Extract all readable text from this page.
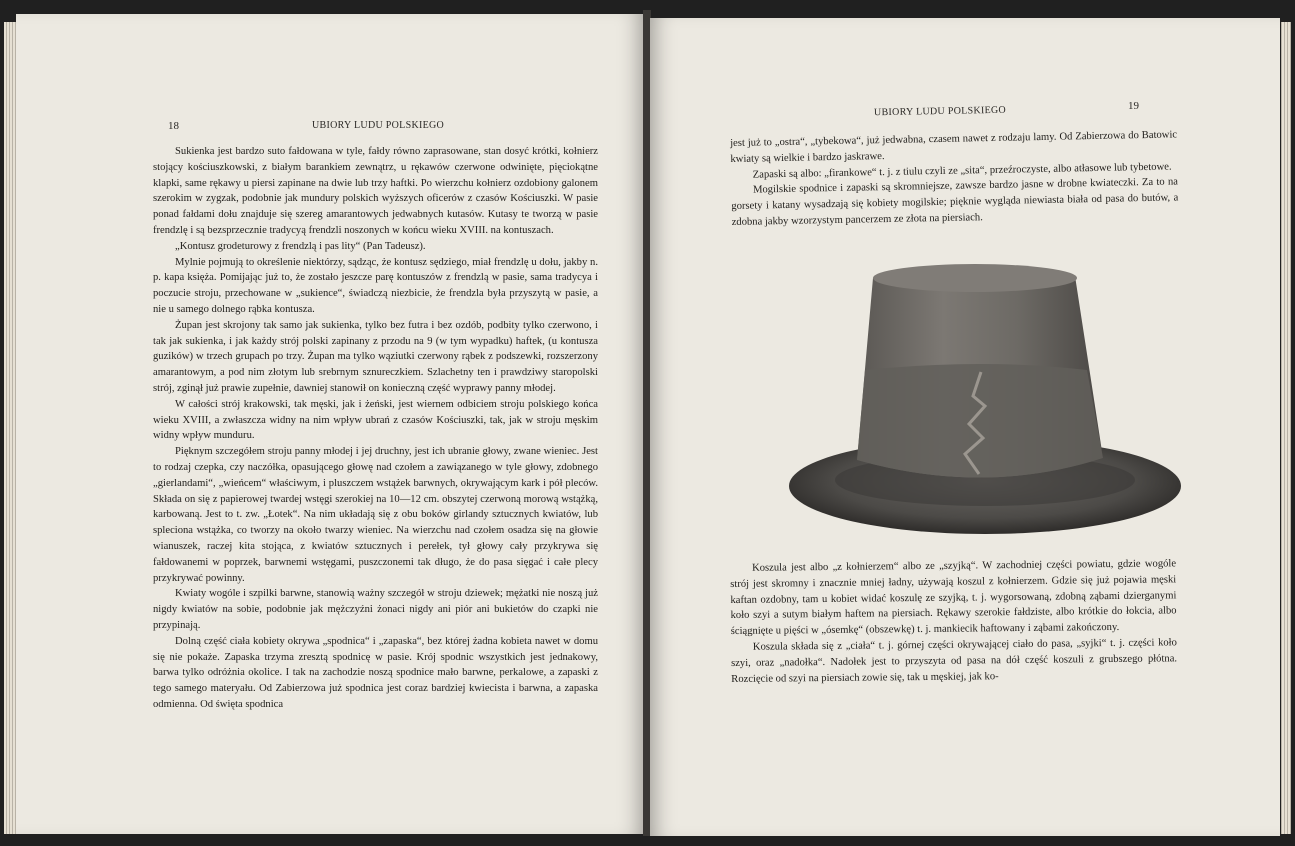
18	UBIORY LUDU POLSKIEGO

Sukienka jest bardzo suto fałdowana w tyle, fałdy równo zaprasowane, stan dosyć krótki, kołnierz stojący kościuszkowski, z białym barankiem zewnątrz, u rękawów czerwone odwinięte, pięciokątne klapki, same rękawy u piersi zapinane na dwie lub trzy haftki. Po wierzchu kołnierz ozdobiony galonem szerokim w zygzak, podobnie jak mundury polskich wyższych oficerów z czasów Kościuszki. W pasie ponad fałdami dołu znajduje się szereg amarantowych jedwabnych kutasów. Kutasy te tworzą w pasie frendzlę i są bezsprzecznie tradycyą frendzli noszonych w końcu wieku XVIII. na kontuszach.

„Kontusz grodeturowy z frendzlą i pas lity“ (Pan Tadeusz).

Mylnie pojmują to określenie niektórzy, sądząc, że kontusz sędziego, miał frendzlę u dołu, jakby n. p. kapa księża. Pomijając już to, że zostało jeszcze parę kontuszów z frendzlą w pasie, sama tradycya i poczucie stroju, przechowane w „sukience“, świadczą niezbicie, że frendzla była przyszytą w pasie, a nie u samego dolnego rąbka kontusza.

Żupan jest skrojony tak samo jak sukienka, tylko bez futra i bez ozdób, podbity tylko czerwono, i tak jak sukienka, i jak każdy strój polski zapinany z przodu na 9 (w tym wypadku) haftek, (u kontusza guzików) w trzech grupach po trzy. Żupan ma tylko wąziutki czerwony rąbek z podszewki, rozszerzony amarantowym, a pod nim złotym lub srebrnym sznureczkiem. Szlachetny ten i prawdziwy staropolski strój, zginął już prawie zupełnie, dawniej stanowił on konieczną część wyprawy panny młodej.

W całości strój krakowski, tak męski, jak i żeński, jest wiernem odbiciem stroju polskiego końca wieku XVIII, a zwłaszcza widny na nim wpływ ubrań z czasów Kościuszki, tak, jak w stroju męskim widny wpływ munduru.

Pięknym szczegółem stroju panny młodej i jej druchny, jest ich ubranie głowy, zwane wieniec. Jest to rodzaj czepka, czy naczółka, opasującego głowę nad czołem a zawiązanego w tyle głowy, zdobnego „gierlandami“, „wieńcem“ właściwym, i pluszczem wstążek barwnych, okrywającym kark i pół pleców. Składa on się z papierowej twardej wstęgi szerokiej na 10—12 cm. obszytej czerwoną morową wstążką, karbowaną. Jest to t. zw. „Łotek“. Na nim układają się z obu boków girlandy sztucznych kwiatów, lub spleciona wstążka, co tworzy na około twarzy wieniec. Na wierzchu nad czołem osadza się na głowie wianuszek, raczej kita stojąca, z kwiatów sztucznych i perełek, tył głowy cały przykrywa się fałdowanemi w poprzek, barwnemi wstęgami, puszczonemi tak długo, że do pasa sięgać i całe plecy przykrywać powinny.

Kwiaty wogóle i szpilki barwne, stanowią ważny szczegół w stroju dziewek; mężatki nie noszą już nigdy kwiatów na sobie, podobnie jak mężczyźni żonaci nigdy ani piór ani bukietów do czapki nie przypinają.

Dolną część ciała kobiety okrywa „spodnica“ i „zapaska“, bez której żadna kobieta nawet w domu się nie pokaże. Zapaska trzyma zresztą spodnicę w pasie. Krój spodnic wszystkich jest jednakowy, barwa tylko odróżnia okolice. I tak na zachodzie noszą spodnice mało barwne, perkalowe, a zapaski z tego samego materyału. Od Zabierzowa już spodnica jest coraz bardziej kwiecista i barwna, a zapaska odmienna. Od święta spodnica

UBIORY LUDU POLSKIEGO	19

jest już to „ostra“, „tybekowa“, już jedwabna, czasem nawet z rodzaju lamy. Od Zabierzowa do Batowic kwiaty są wielkie i bardzo jaskrawe.

Zapaski są albo: „firankowe“ t. j. z tiulu czyli ze „sita“, przeźroczyste, albo atłasowe lub tybetowe.

Mogilskie spodnice i zapaski są skromniejsze, zawsze bardzo jasne w drobne kwiateczki. Za to na gorsety i katany wysadzają się kobiety mogilskie; pięknie wygląda niewiasta biała od pasa do butów, a zdobna jakby wzorzystym pancerzem ze złota na piersiach.

Koszula jest albo „z kołnierzem“ albo ze „szyjką“. W zachodniej części powiatu, gdzie wogóle strój jest skromny i znacznie mniej ładny, używają koszul z kołnierzem. Gdzie się już pojawia męski kaftan ozdobny, tam u kobiet widać koszulę ze szyjką, t. j. wygorsowaną, zdobną ząbami dzierganymi koło szyi a sutym białym haftem na piersiach. Rękawy szerokie fałdziste, albo krótkie do łokcia, albo ściągnięte u pięści w „ósemkę“ (obszewkę) t. j. mankiecik haftowany i ząbami zakończony.

Koszula składa się z „ciała“ t. j. górnej części okrywającej ciało do pasa, „syjki“ t. j. części koło szyi, oraz „nadołka“. Nadołek jest to przyszyta od pasa na dół część koszuli z grubszego płótna. Rozcięcie od szyi na piersiach zowie się, tak u męskiej, jak ko-
